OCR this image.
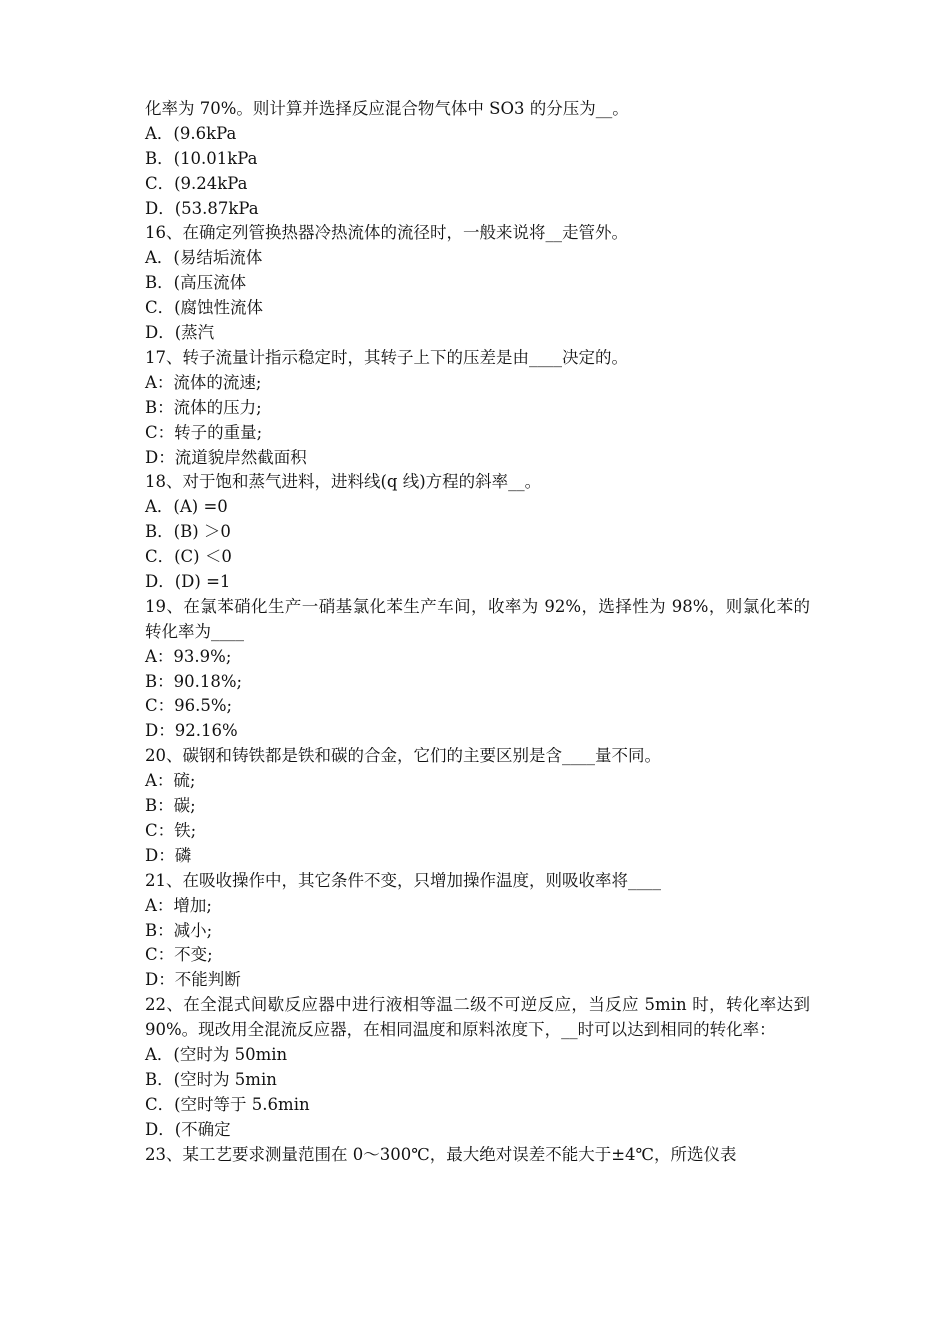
化率为 70%。则计算并选择反应混合物气体中 SO3 的分压为__。
A．(9.6kPa
B．(10.01kPa
C．(9.24kPa
D．(53.87kPa
16、在确定列管换热器冷热流体的流径时，一般来说将__走管外。
A．(易结垢流体
B．(高压流体
C．(腐蚀性流体
D．(蒸汽
17、转子流量计指示稳定时，其转子上下的压差是由____决定的。
A：流体的流速;
B：流体的压力;
C：转子的重量;
D：流道貌岸然截面积
18、对于饱和蒸气进料，进料线(q 线)方程的斜率__。
A．(A) =0
B．(B) ＞0
C．(C) ＜0
D．(D) =1
19、在氯苯硝化生产一硝基氯化苯生产车间，收率为 92%，选择性为 98%，则氯化苯的转化率为____
A：93.9%;
B：90.18%;
C：96.5%;
D：92.16%
20、碳钢和铸铁都是铁和碳的合金，它们的主要区别是含____量不同。
A：硫;
B：碳;
C：铁;
D：磷
21、在吸收操作中，其它条件不变，只增加操作温度，则吸收率将____
A：增加;
B：减小;
C：不变;
D：不能判断
22、在全混式间歇反应器中进行液相等温二级不可逆反应，当反应 5min 时，转化率达到 90%。现改用全混流反应器，在相同温度和原料浓度下，__时可以达到相同的转化率：
A．(空时为 50min
B．(空时为 5min
C．(空时等于 5.6min
D．(不确定
23、某工艺要求测量范围在 0～300℃，最大绝对误差不能大于±4℃，所选仪表
